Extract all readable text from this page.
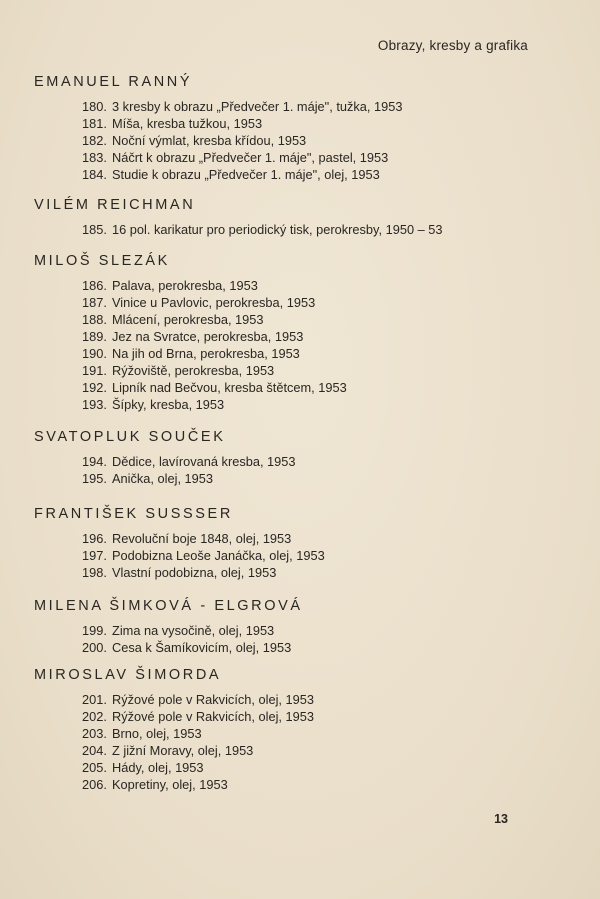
Obrazy, kresby a grafika
EMANUEL RANNÝ
180. 3 kresby k obrazu „Předvečer 1. máje", tužka, 1953
181. Míša, kresba tužkou, 1953
182. Noční výmlat, kresba křídou, 1953
183. Náčrt k obrazu „Předvečer 1. máje", pastel, 1953
184. Studie k obrazu „Předvečer 1. máje", olej, 1953
VILÉM REICHMAN
185. 16 pol. karikatur pro periodický tisk, perokresby, 1950 – 53
MILOŠ SLEZÁK
186. Palava, perokresba, 1953
187. Vinice u Pavlovic, perokresba, 1953
188. Mlácení, perokresba, 1953
189. Jez na Svratce, perokresba, 1953
190. Na jih od Brna, perokresba, 1953
191. Rýžoviště, perokresba, 1953
192. Lipník nad Bečvou, kresba štětcem, 1953
193. Šípky, kresba, 1953
SVATOPLUK SOUČEK
194. Dědice, lavírovaná kresba, 1953
195. Anička, olej, 1953
FRANTIŠEK SUSSSER
196. Revoluční boje 1848, olej, 1953
197. Podobizna Leoše Janáčka, olej, 1953
198. Vlastní podobizna, olej, 1953
MILENA ŠIMKOVÁ - ELGROVÁ
199. Zima na vysočině, olej, 1953
200. Cesa k Šamíkovicím, olej, 1953
MIROSLAV ŠIMORDA
201. Rýžové pole v Rakvicích, olej, 1953
202. Rýžové pole v Rakvicích, olej, 1953
203. Brno, olej, 1953
204. Z jižní Moravy, olej, 1953
205. Hády, olej, 1953
206. Kopretiny, olej, 1953
13
